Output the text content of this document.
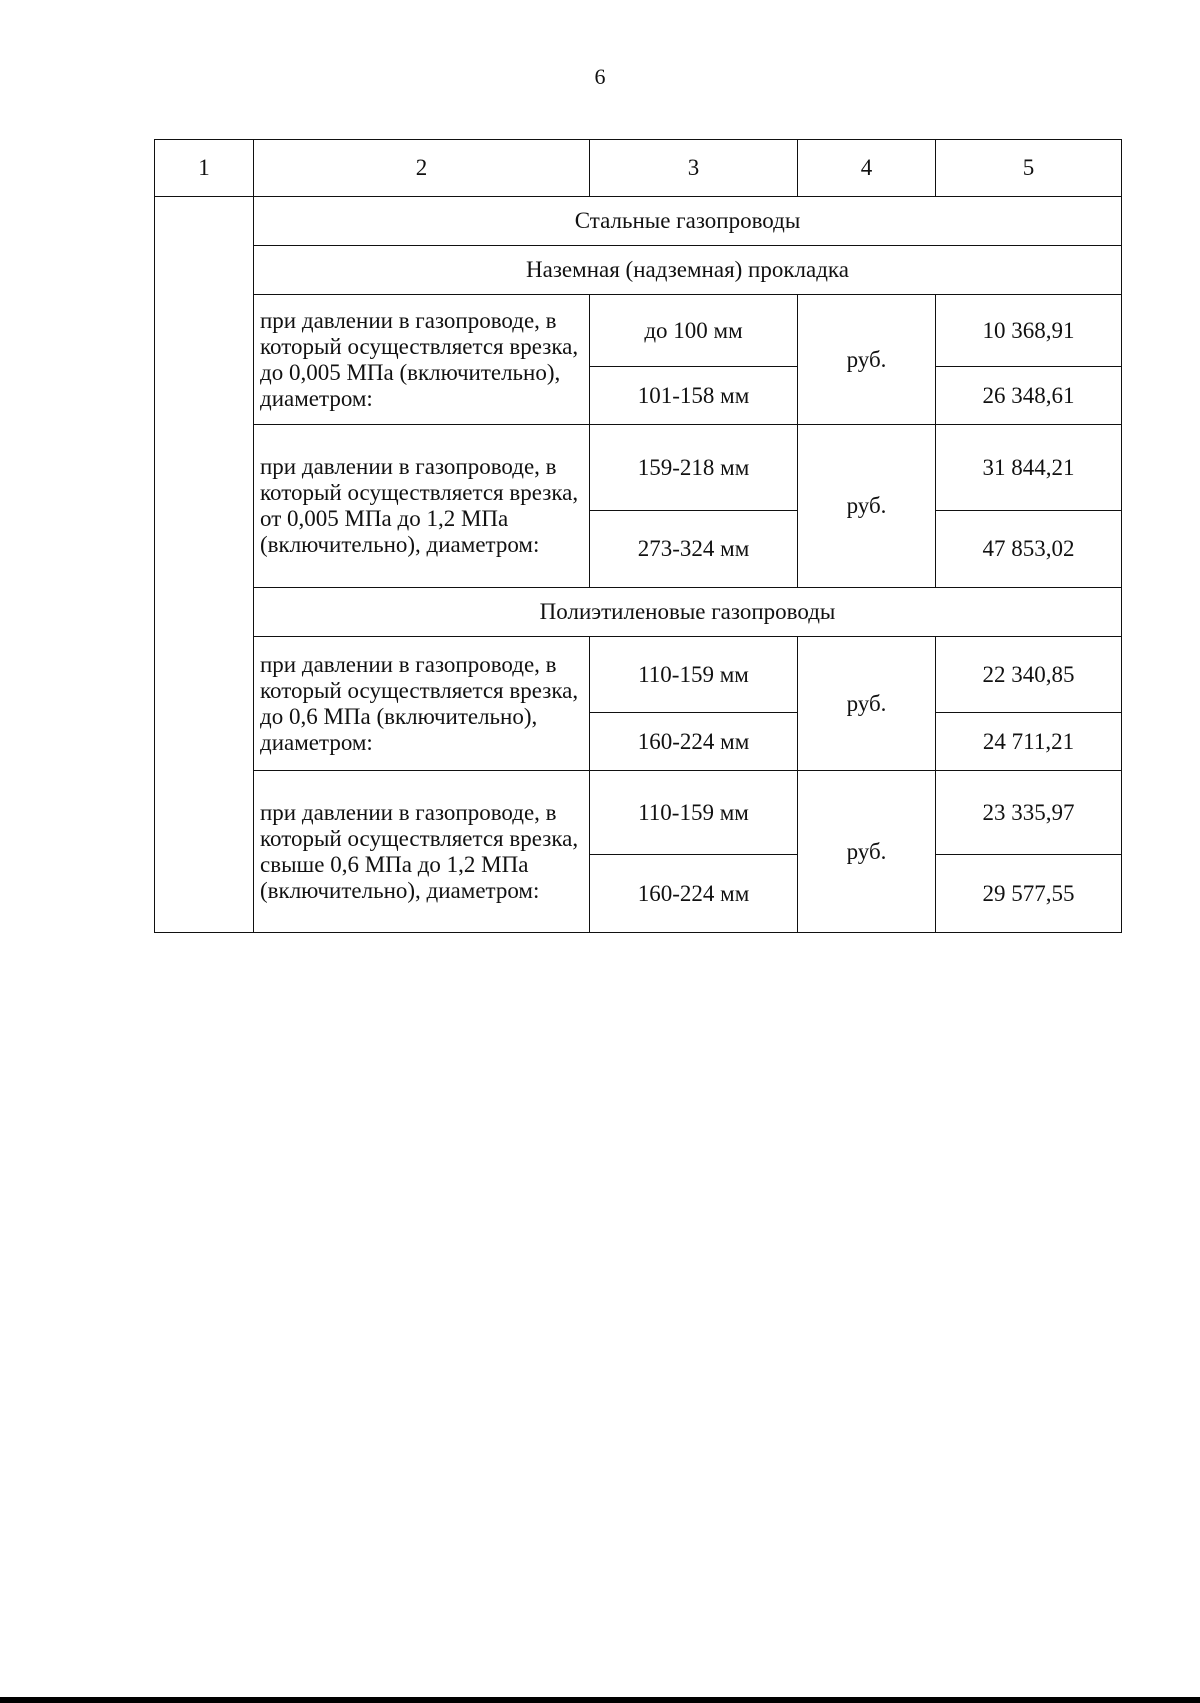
6
1	2	3	4	5
	Стальные газопроводы			
	Наземная (надземная) прокладка			
	при давлении в газопроводе, в который осуществляется врезка, до 0,005 МПа (включительно), диаметром:	до 100 мм	руб.	10 368,91
		101-158 мм		26 348,61
	при давлении в газопроводе, в который осуществляется врезка, от 0,005 МПа до 1,2 МПа (включительно), диаметром:	159-218 мм	руб.	31 844,21
		273-324 мм		47 853,02
	Полиэтиленовые газопроводы			
	при давлении в газопроводе, в который осуществляется врезка, до 0,6 МПа (включительно), диаметром:	110-159 мм	руб.	22 340,85
		160-224 мм		24 711,21
	при давлении в газопроводе, в который осуществляется врезка, свыше 0,6 МПа до 1,2 МПа (включительно), диаметром:	110-159 мм	руб.	23 335,97
		160-224 мм		29 577,55
